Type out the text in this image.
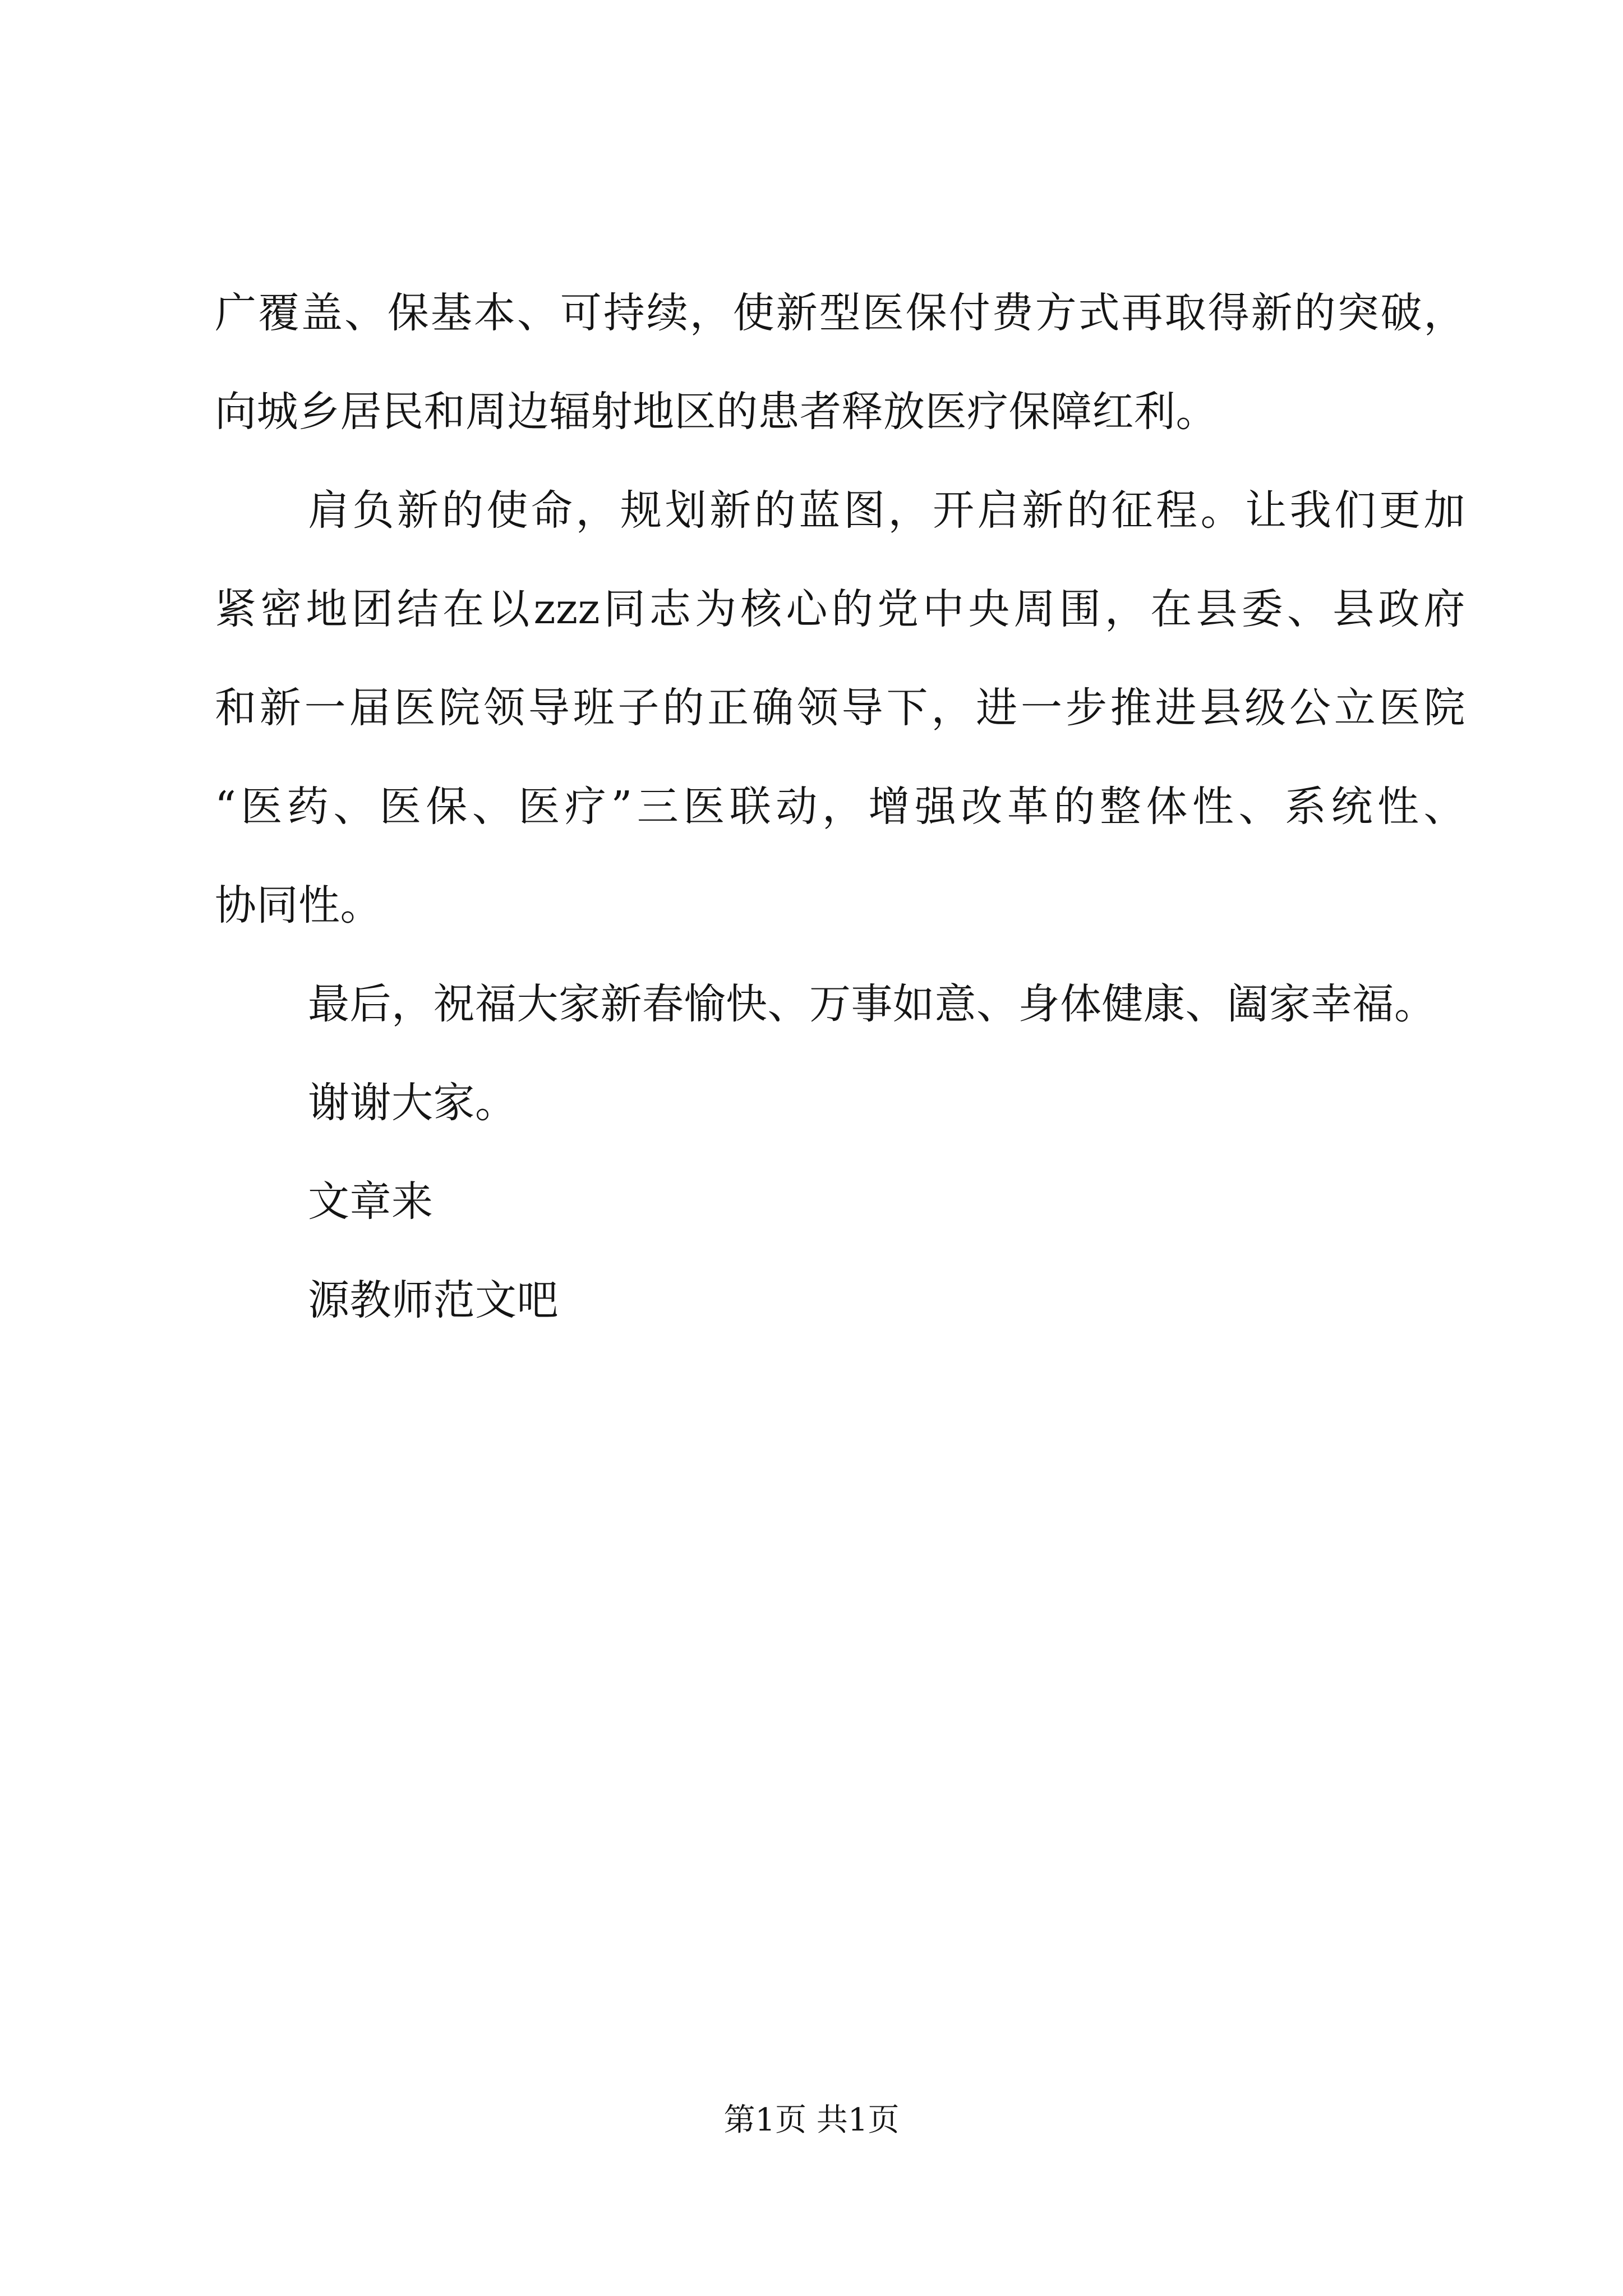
广覆盖、保基本、可持续，使新型医保付费方式再取得新的突破，
向城乡居民和周边辐射地区的患者释放医疗保障红利。
肩负新的使命，规划新的蓝图，开启新的征程。让我们更加
紧密地团结在以zzz同志为核心的党中央周围，在县委、县政府
和新一届医院领导班子的正确领导下，进一步推进县级公立医院
“医药、医保、医疗”三医联动，增强改革的整体性、系统性、
协同性。
最后，祝福大家新春愉快、万事如意、身体健康、阖家幸福。
谢谢大家。
文章来
源教师范文吧
第1页 共1页
